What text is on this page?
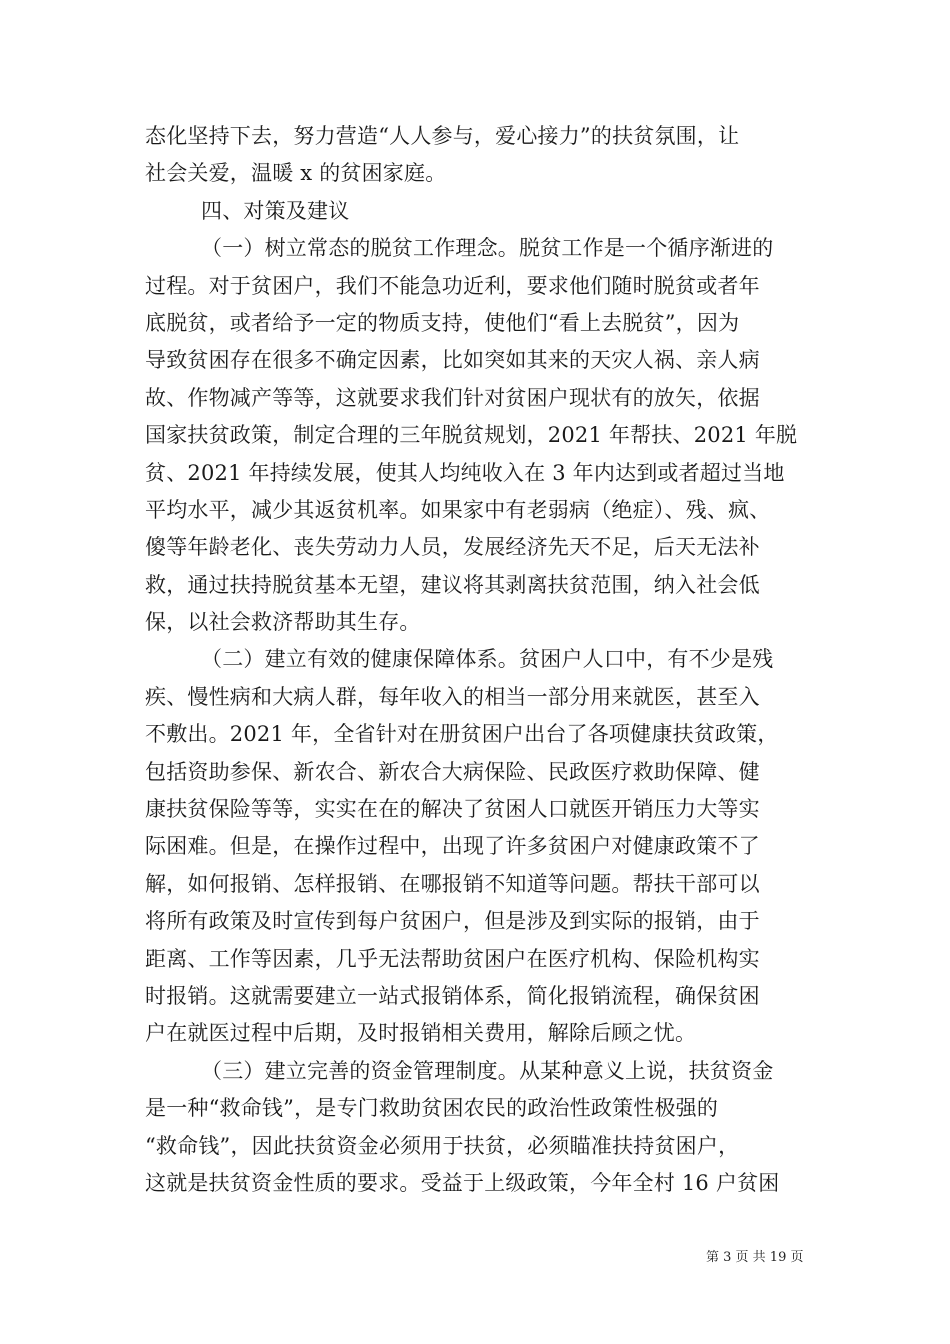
态化坚持下去，努力营造“人人参与，爱心接力”的扶贫氛围，让
社会关爱，温暖 x 的贫困家庭。
四、对策及建议
（一）树立常态的脱贫工作理念。脱贫工作是一个循序渐进的
过程。对于贫困户，我们不能急功近利，要求他们随时脱贫或者年
底脱贫，或者给予一定的物质支持，使他们“看上去脱贫”，因为
导致贫困存在很多不确定因素，比如突如其来的天灾人祸、亲人病
故、作物减产等等，这就要求我们针对贫困户现状有的放矢，依据
国家扶贫政策，制定合理的三年脱贫规划，2021 年帮扶、2021 年脱
贫、2021 年持续发展，使其人均纯收入在 3 年内达到或者超过当地
平均水平，减少其返贫机率。如果家中有老弱病（绝症）、残、疯、
傻等年龄老化、丧失劳动力人员，发展经济先天不足，后天无法补
救，通过扶持脱贫基本无望，建议将其剥离扶贫范围，纳入社会低
保，以社会救济帮助其生存。
（二）建立有效的健康保障体系。贫困户人口中，有不少是残
疾、慢性病和大病人群，每年收入的相当一部分用来就医，甚至入
不敷出。2021 年，全省针对在册贫困户出台了各项健康扶贫政策，
包括资助参保、新农合、新农合大病保险、民政医疗救助保障、健
康扶贫保险等等，实实在在的解决了贫困人口就医开销压力大等实
际困难。但是，在操作过程中，出现了许多贫困户对健康政策不了
解，如何报销、怎样报销、在哪报销不知道等问题。帮扶干部可以
将所有政策及时宣传到每户贫困户，但是涉及到实际的报销，由于
距离、工作等因素，几乎无法帮助贫困户在医疗机构、保险机构实
时报销。这就需要建立一站式报销体系，简化报销流程，确保贫困
户在就医过程中后期，及时报销相关费用，解除后顾之忧。
（三）建立完善的资金管理制度。从某种意义上说，扶贫资金
是一种“救命钱”，是专门救助贫困农民的政治性政策性极强的
“救命钱”，因此扶贫资金必须用于扶贫，必须瞄准扶持贫困户，
这就是扶贫资金性质的要求。受益于上级政策，今年全村 16 户贫困
第 3 页 共 19 页
